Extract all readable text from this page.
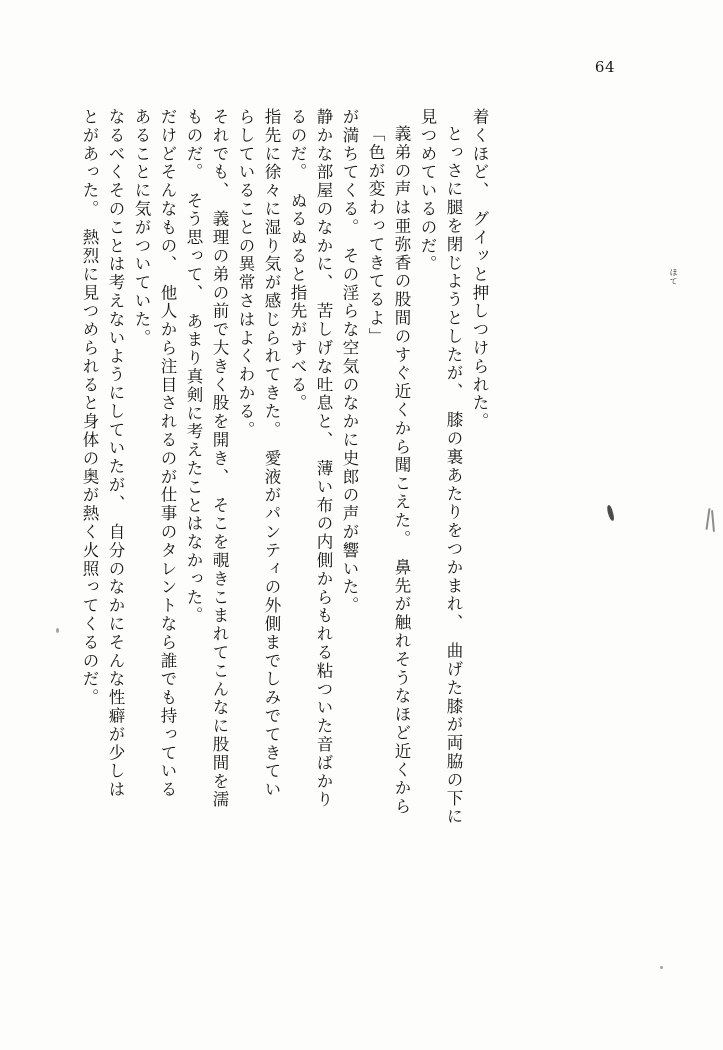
64
とがあった。　熱烈に見つめられると身体の奥が熱く火照ってくるのだ。 なるべくそのことは考えないようにしていたが、　自分のなかにそんな性癖が少しは あることに気がついていた。 だけどそんなもの、　他人から注目されるのが仕事のタレントなら誰でも持っている ものだ。　そう思って、　あまり真剣に考えたことはなかった。 それでも、　義理の弟の前で大きく股を開き、　そこを覗きこまれてこんなに股間を濡 らしていることの異常さはよくわかる。 指先に徐々に湿り気が感じられてきた。　愛液がパンティの外側までしみでてきてい るのだ。　ぬるぬると指先がすべる。 静かな部屋のなかに、　苦しげな吐息と、　薄い布の内側からもれる粘ついた音ばかり が満ちてくる。　その淫らな空気のなかに史郎の声が響いた。 「色が変わってきてるよ」 義弟の声は亜弥香の股間のすぐ近くから聞こえた。　鼻先が触れそうなほど近くから 見つめているのだ。 とっさに腿を閉じようとしたが、　膝の裏あたりをつかまれ、　曲げた膝が両脇の下に 着くほど、　グイッと押しつけられた。	ほて
